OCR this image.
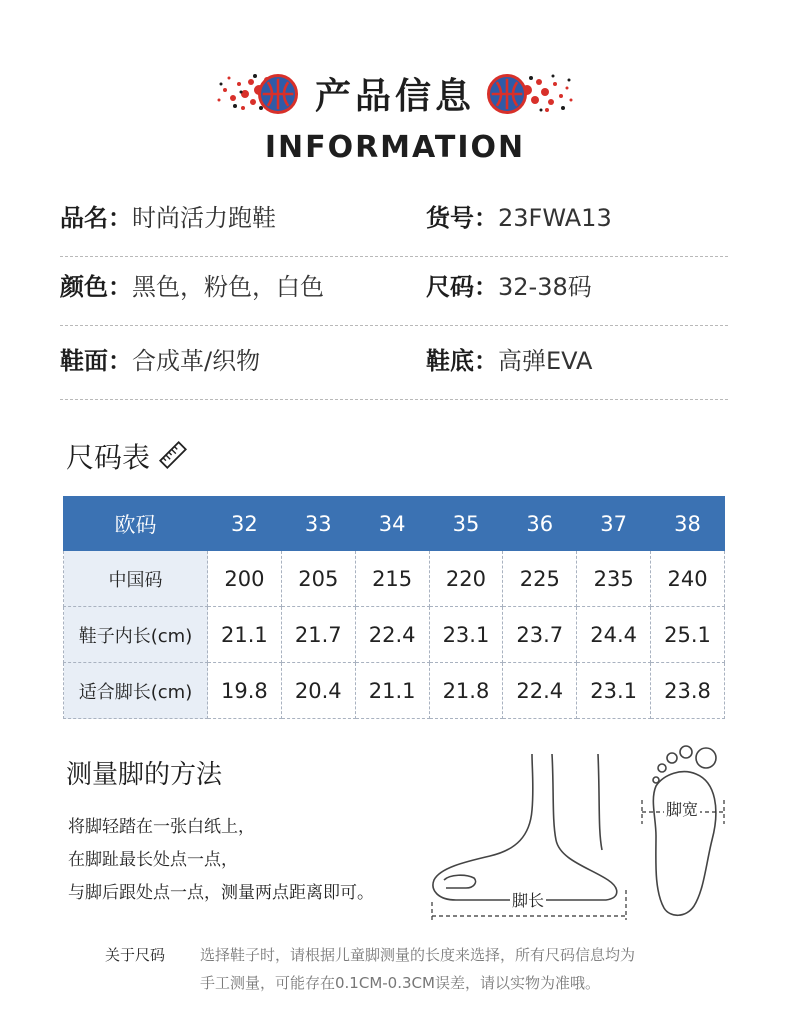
产品信息
INFORMATION
品名：时尚活力跑鞋	货号：23FWA13
颜色：黑色，粉色，白色	尺码：32-38码
鞋面：合成革/织物	鞋底：高弹EVA
尺码表
欧码	32	33	34	35	36	37	38
中国码	200	205	215	220	225	235	240
鞋子内长(cm)	21.1	21.7	22.4	23.1	23.7	24.4	25.1
适合脚长(cm)	19.8	20.4	21.1	21.8	22.4	23.1	23.8
测量脚的方法
将脚轻踏在一张白纸上，
在脚趾最长处点一点，
与脚后跟处点一点，测量两点距离即可。	脚长
脚宽
关于尺码 选择鞋子时，请根据儿童脚测量的长度来选择，所有尺码信息均为
手工测量，可能存在0.1CM-0.3CM误差，请以实物为准哦。
